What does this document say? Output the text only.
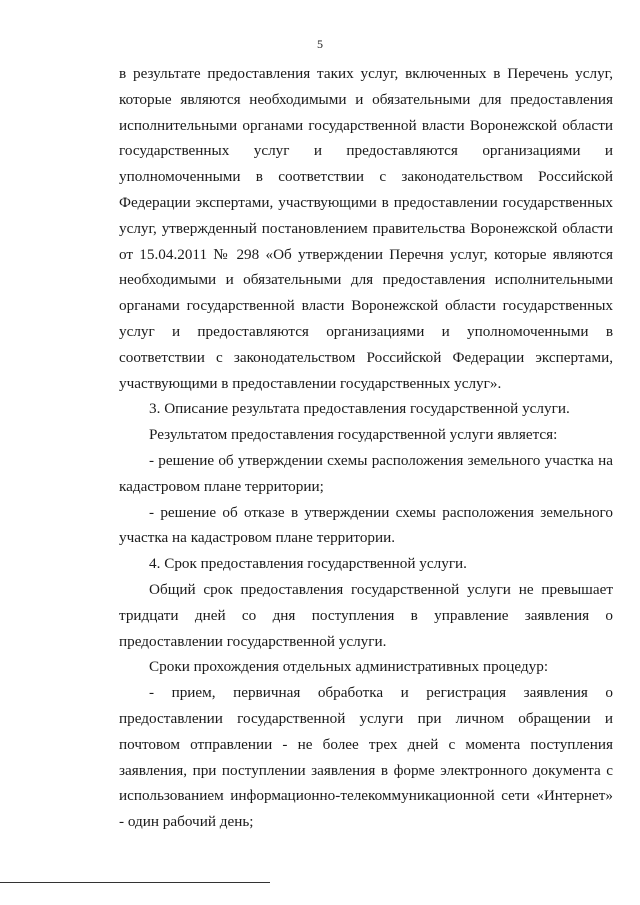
5

в результате предоставления таких услуг, включенных в Перечень услуг, которые являются необходимыми и обязательными для предоставления исполнительными органами государственной власти Воронежской области государственных услуг и предоставляются организациями и уполномоченными в соответствии с законодательством Российской Федерации экспертами, участвующими в предоставлении государственных услуг, утвержденный постановлением правительства Воронежской области от 15.04.2011 № 298 «Об утверждении Перечня услуг, которые являются необходимыми и обязательными для предоставления исполнительными органами государственной власти Воронежской области государственных услуг и предоставляются организациями и уполномоченными в соответствии с законодательством Российской Федерации экспертами, участвующими в предоставлении государственных услуг».

3. Описание результата предоставления государственной услуги.

Результатом предоставления государственной услуги является:

- решение об утверждении схемы расположения земельного участка на кадастровом плане территории;

- решение об отказе в утверждении схемы расположения земельного участка на кадастровом плане территории.

4. Срок предоставления государственной услуги.

Общий срок предоставления государственной услуги не превышает тридцати дней со дня поступления в управление заявления о предоставлении государственной услуги.

Сроки прохождения отдельных административных процедур:

- прием, первичная обработка и регистрация заявления о предоставлении государственной услуги при личном обращении и почтовом отправлении - не более трех дней с момента поступления заявления, при поступлении заявления в форме электронного документа с использованием информационно-телекоммуникационной сети «Интернет» - один рабочий день;
